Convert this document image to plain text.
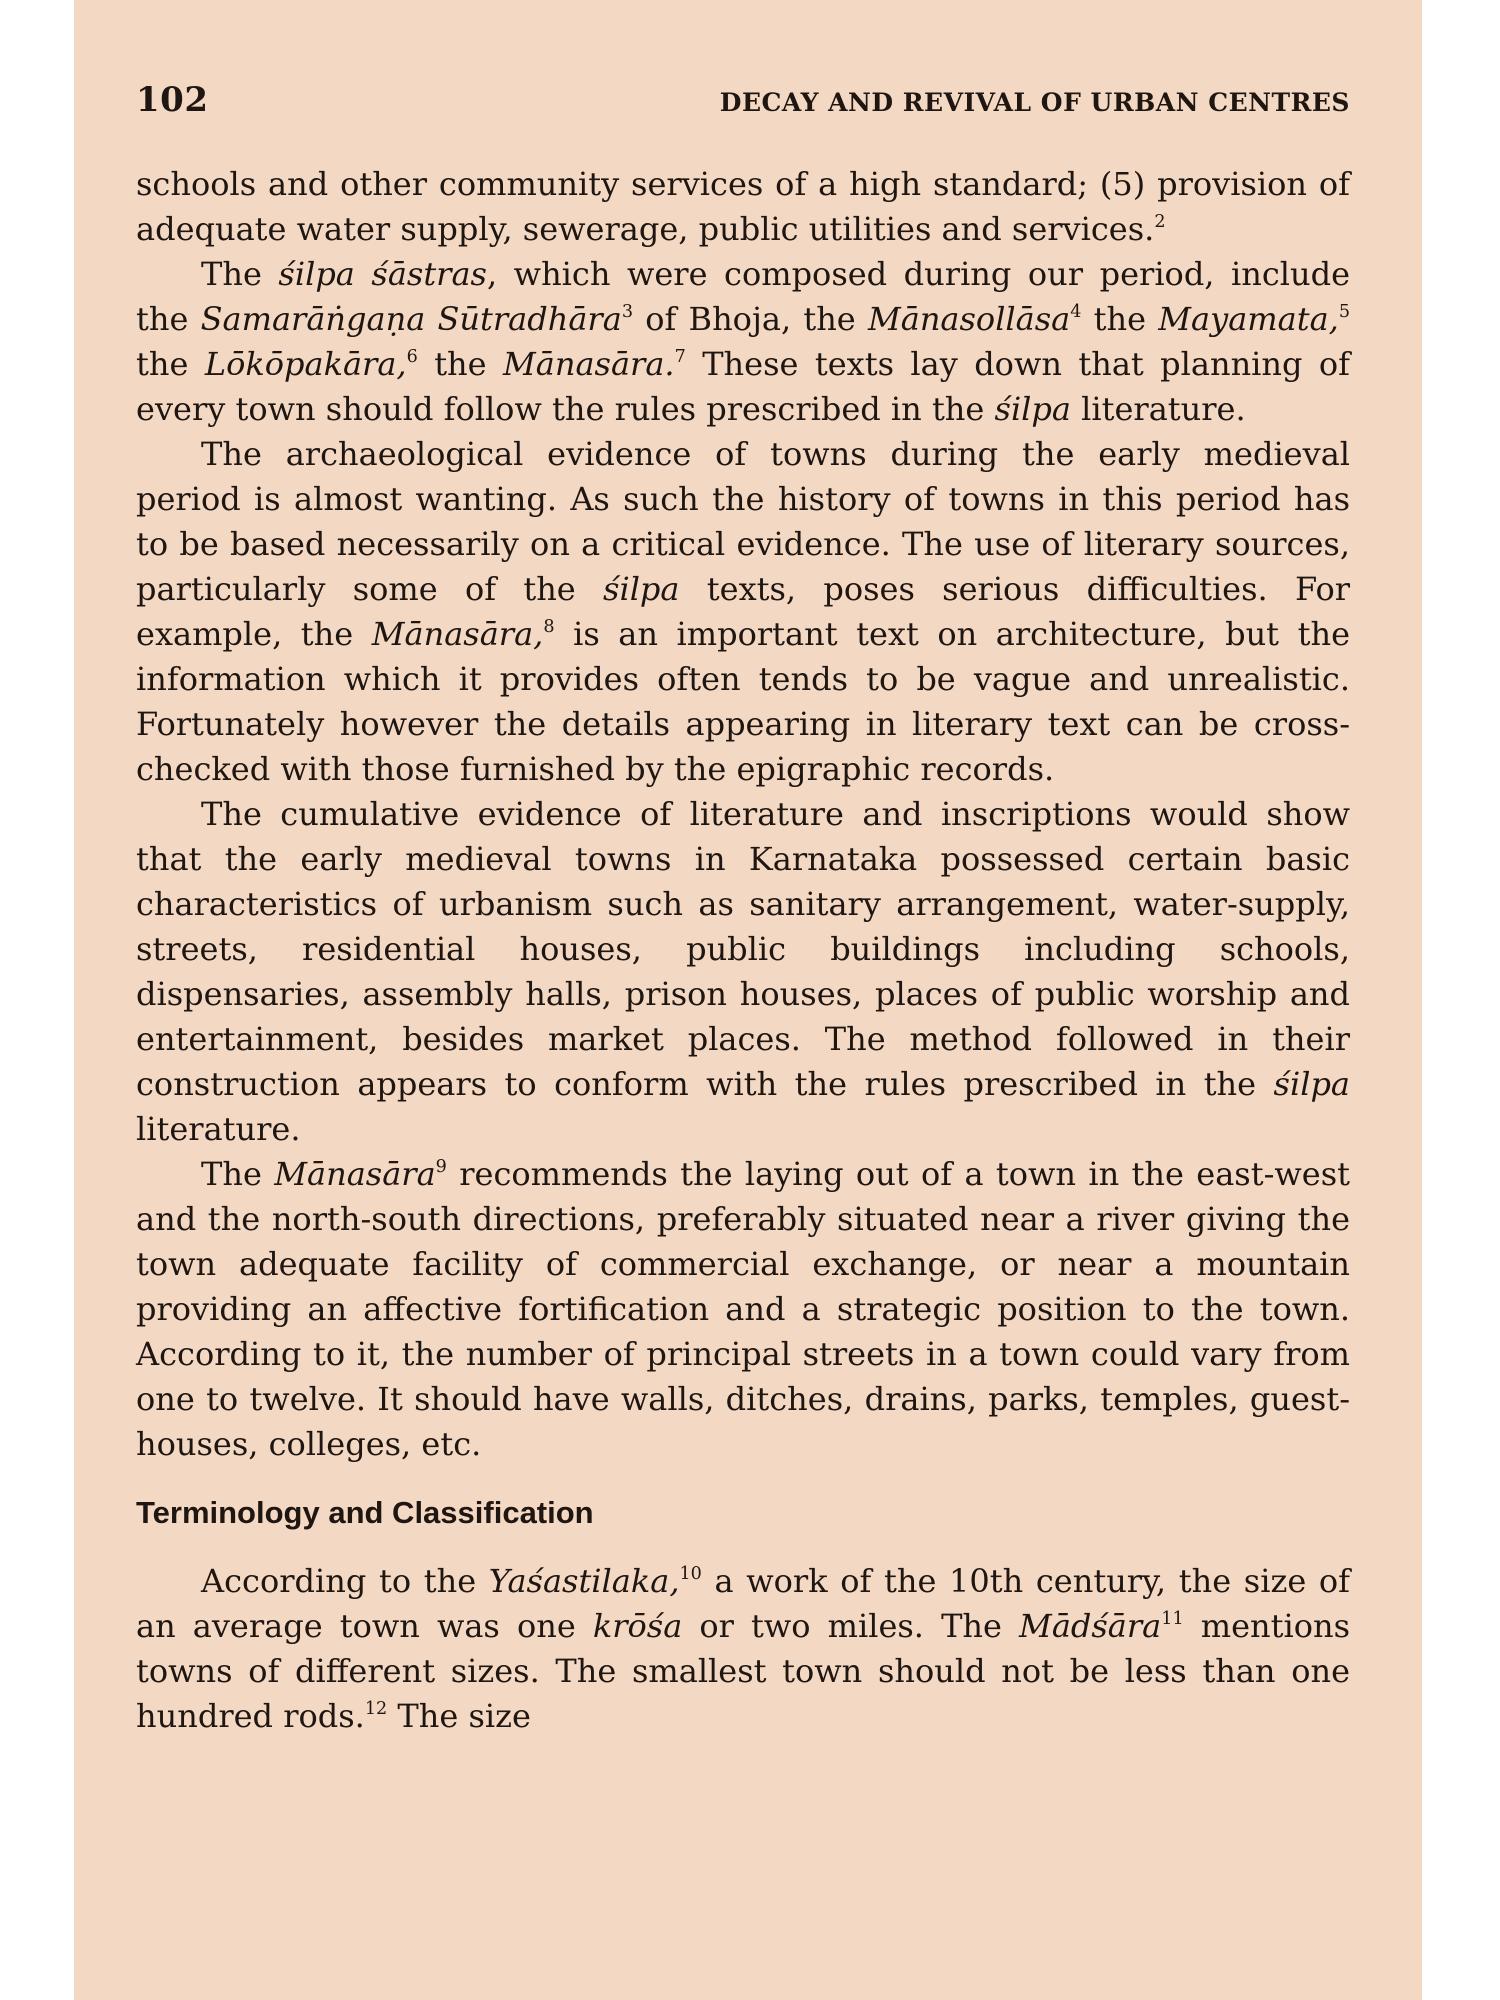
102	DECAY AND REVIVAL OF URBAN CENTRES

schools and other community services of a high standard; (5) provision of adequate water supply, sewerage, public utilities and services.$^2$

The śilpa śāstras, which were composed during our period, include the Samarāṅgaṇa Sūtradhāra$^3$ of Bhoja, the Mānasollāsa$^4$ the Mayamata,$^5$ the Lōkōpakāra,$^6$ the Mānasāra.$^7$ These texts lay down that planning of every town should follow the rules prescribed in the śilpa literature.

The archaeological evidence of towns during the early medieval period is almost wanting. As such the history of towns in this period has to be based necessarily on a critical evidence. The use of literary sources, particularly some of the śilpa texts, poses serious difficulties. For example, the Mānasāra,$^8$ is an important text on architecture, but the information which it provides often tends to be vague and unrealistic. Fortunately however the details appearing in literary text can be cross-checked with those furnished by the epigraphic records.

The cumulative evidence of literature and inscriptions would show that the early medieval towns in Karnataka possessed certain basic characteristics of urbanism such as sanitary arrangement, water-supply, streets, residential houses, public buildings including schools, dispensaries, assembly halls, prison houses, places of public worship and entertainment, besides market places. The method followed in their construction appears to conform with the rules prescribed in the śilpa literature.

The Mānasāra$^9$ recommends the laying out of a town in the east-west and the north-south directions, preferably situated near a river giving the town adequate facility of commercial exchange, or near a mountain providing an affective fortification and a strategic position to the town. According to it, the number of principal streets in a town could vary from one to twelve. It should have walls, ditches, drains, parks, temples, guest-houses, colleges, etc.

Terminology and Classification

According to the Yaśastilaka,$^{10}$ a work of the 10th century, the size of an average town was one krōśa or two miles. The Mādśāra$^{11}$ mentions towns of different sizes. The smallest town should not be less than one hundred rods.$^{12}$ The size
